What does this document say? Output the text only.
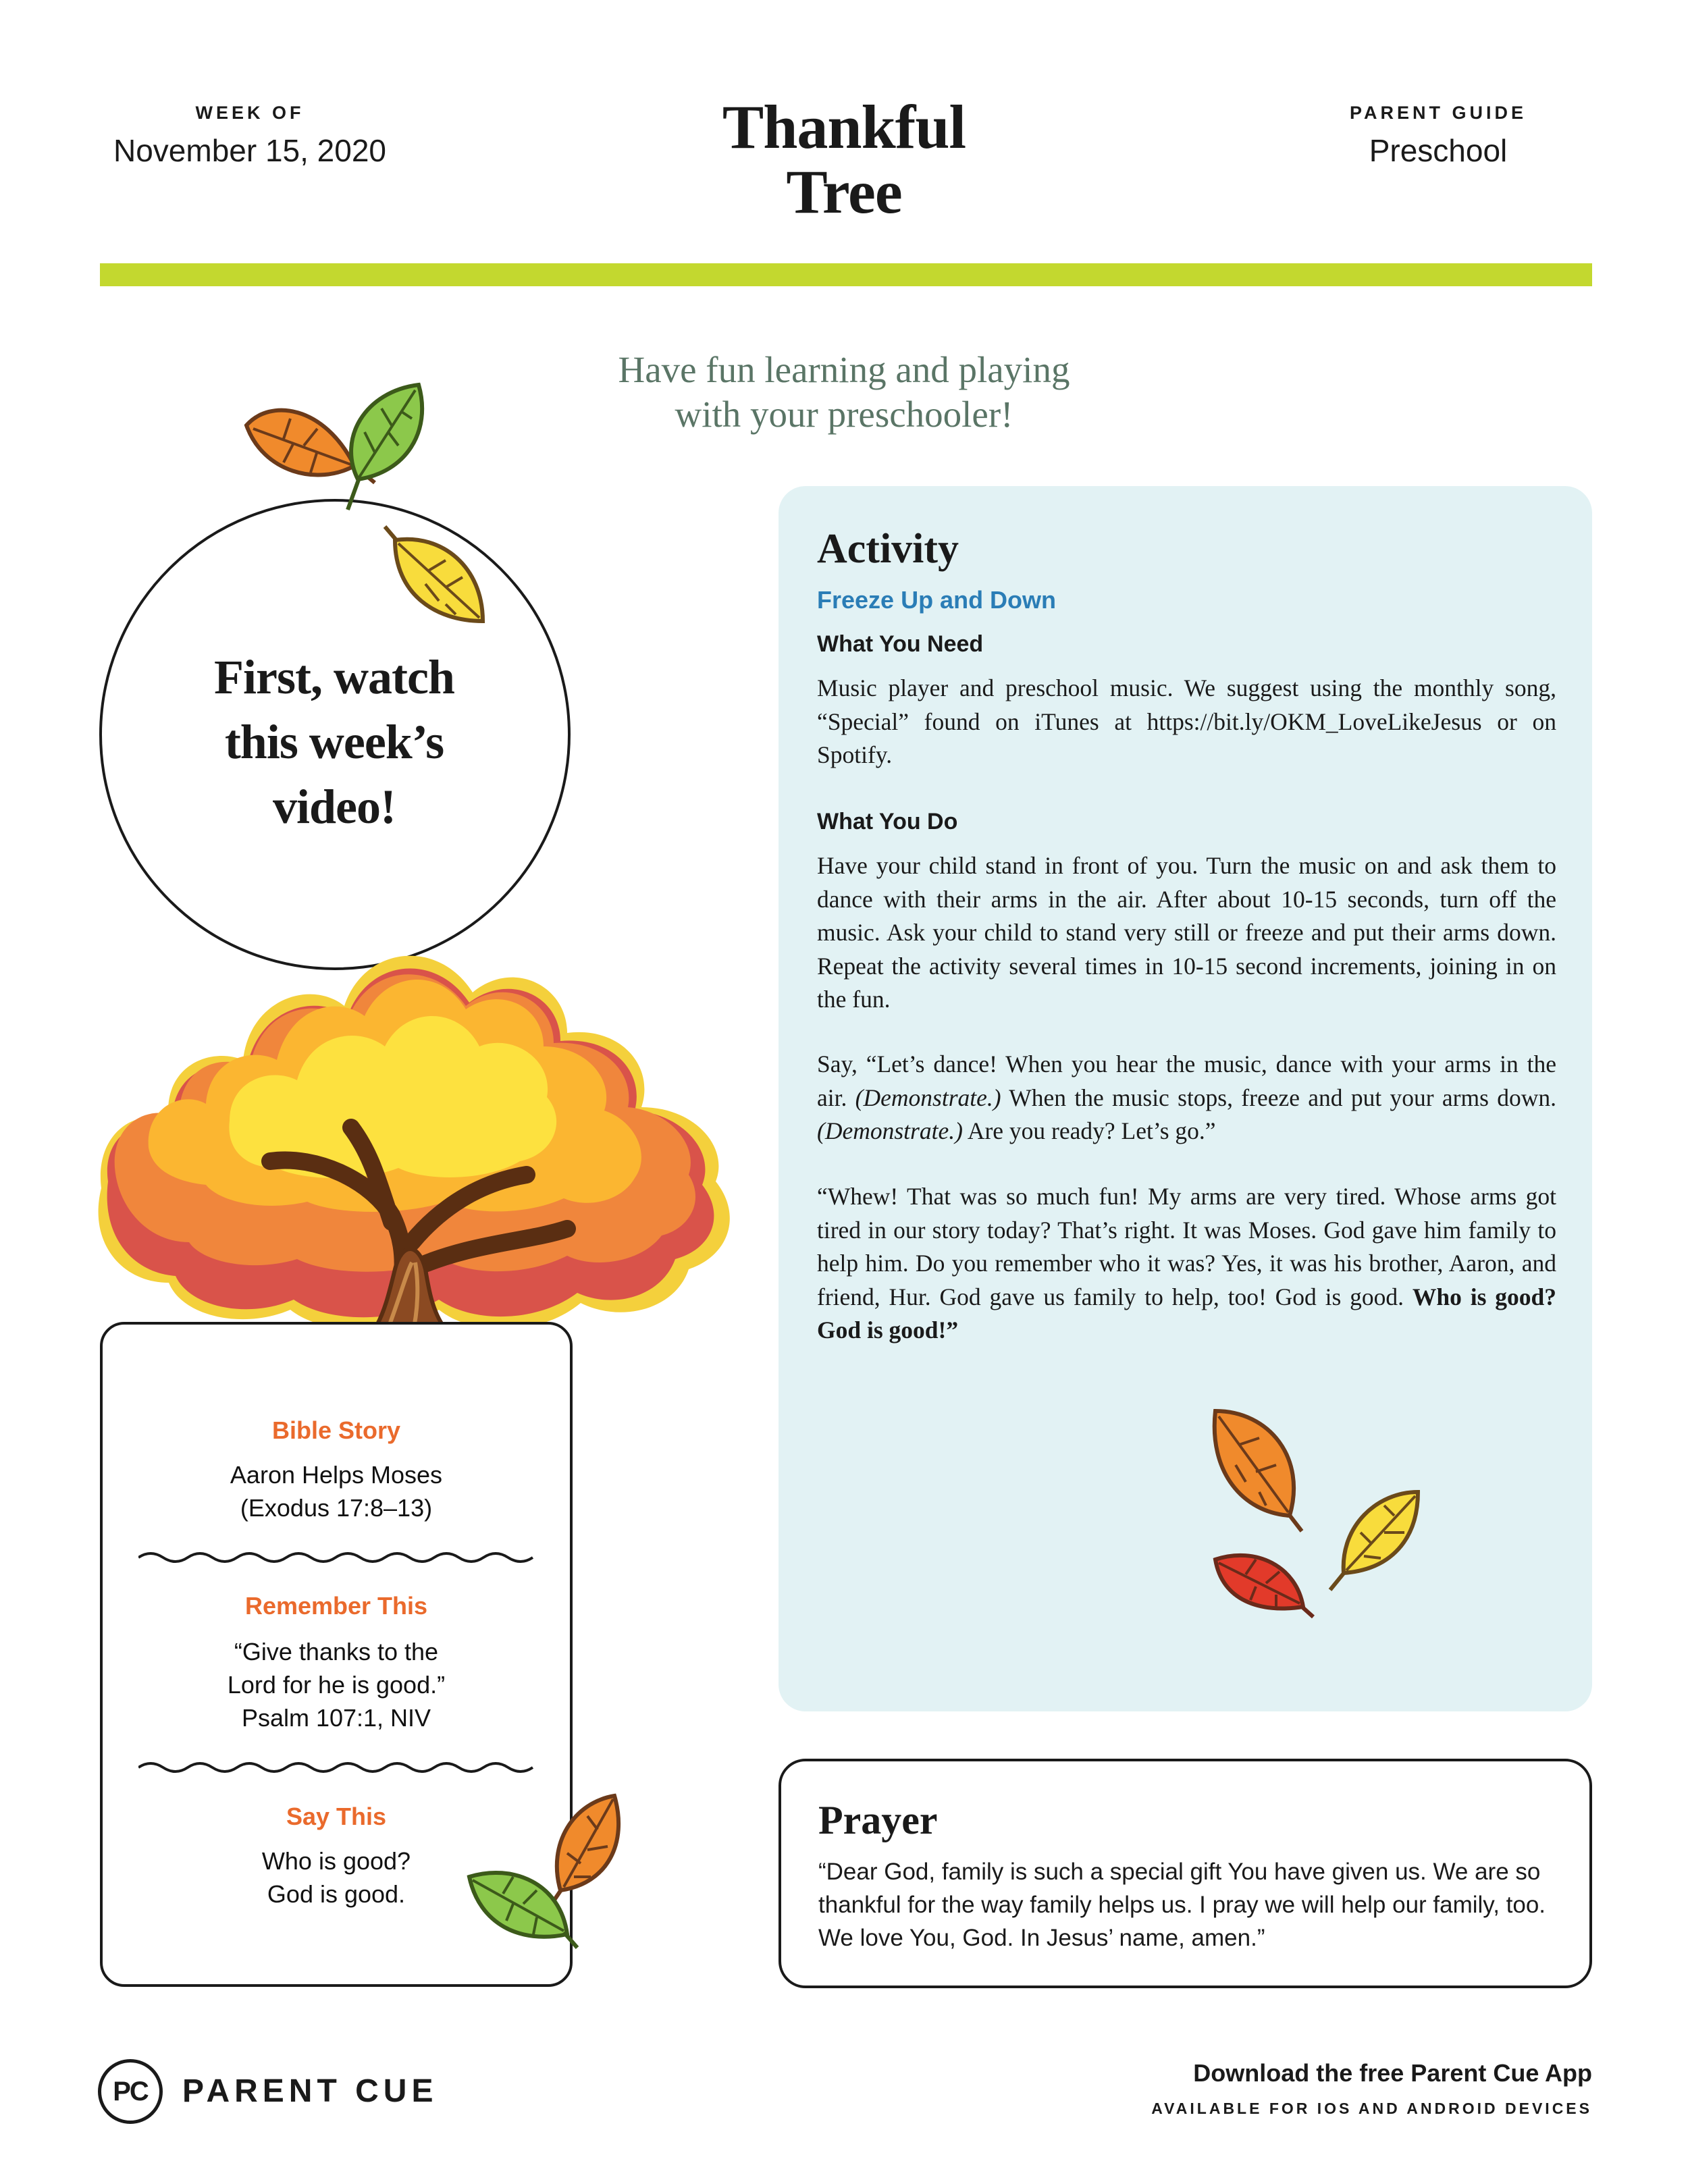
WEEK OF
November 15, 2020	Thankful
Tree
PARENT GUIDE
Preschool
Have fun learning and playing
with your preschooler!
First, watch
this week’s
video!
Bible Story
Aaron Helps Moses
(Exodus 17:8–13)
Remember This
“Give thanks to the
Lord for he is good.”
Psalm 107:1, NIV
Say This
Who is good?
God is good.
Activity
Freeze Up and Down
What You Need

Music player and preschool music. We suggest using the monthly song, “Special” found on iTunes at https://bit.ly/OKM_LoveLikeJesus or on Spotify.

What You Do

Have your child stand in front of you. Turn the music on and ask them to dance with their arms in the air. After about 10-15 seconds, turn off the music. Ask your child to stand very still or freeze and put their arms down. Repeat the activity several times in 10-15 second increments, joining in on the fun.

Say, “Let’s dance! When you hear the music, dance with your arms in the air. (Demonstrate.) When the music stops, freeze and put your arms down. (Demonstrate.) Are you ready? Let’s go.”

“Whew! That was so much fun! My arms are very tired. Whose arms got tired in our story today? That’s right. It was Moses. God gave him family to help him. Do you remember who it was? Yes, it was his brother, Aaron, and friend, Hur. God gave us family to help, too! God is good. Who is good? God is good!”

Prayer

“Dear God, family is such a special gift You have given us. We are so thankful for the way family helps us. I pray we will help our family, too. We love You, God. In Jesus’ name, amen.”

PC	PARENT CUE
Download the free Parent Cue App
AVAILABLE FOR IOS AND ANDROID DEVICES
